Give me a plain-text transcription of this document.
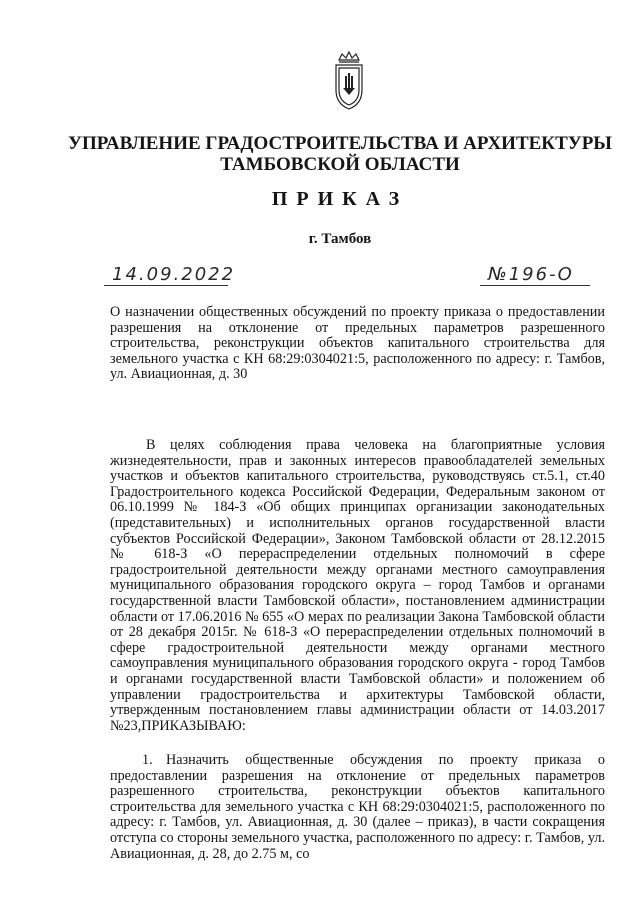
УПРАВЛЕНИЕ ГРАДОСТРОИТЕЛЬСТВА И АРХИТЕКТУРЫ
ТАМБОВСКОЙ ОБЛАСТИ
ПРИКАЗ
г. Тамбов
14.09.2022	№196-О
О назначении общественных обсуждений по проекту приказа о предоставлении разрешения на отклонение от предельных параметров разрешенного строительства, реконструкции объектов капитального строительства для земельного участка с КН 68:29:0304021:5, расположенного по адресу: г. Тамбов, ул. Авиационная, д. 30
В целях соблюдения права человека на благоприятные условия жизнедеятельности, прав и законных интересов правообладателей земельных участков и объектов капитального строительства, руководствуясь ст.5.1, ст.40 Градостроительного кодекса Российской Федерации, Федеральным законом от 06.10.1999 № 184-З «Об общих принципах организации законодательных (представительных) и исполнительных органов государственной власти субъектов Российской Федерации», Законом Тамбовской области от 28.12.2015 № 618-З «О перераспределении отдельных полномочий в сфере градостроительной деятельности между органами местного самоуправления муниципального образования городского округа – город Тамбов и органами государственной власти Тамбовской области», постановлением администрации области от 17.06.2016 № 655 «О мерах по реализации Закона Тамбовской области от 28 декабря 2015г. № 618-З «О перераспределении отдельных полномочий в сфере градостроительной деятельности между органами местного самоуправления муниципального образования городского округа - город Тамбов и органами государственной власти Тамбовской области» и положением об управлении градостроительства и архитектуры Тамбовской области, утвержденным постановлением главы администрации области от 14.03.2017 №23,ПРИКАЗЫВАЮ:
1. Назначить общественные обсуждения по проекту приказа о предоставлении разрешения на отклонение от предельных параметров разрешенного строительства, реконструкции объектов капитального строительства для земельного участка с КН 68:29:0304021:5, расположенного по адресу: г. Тамбов, ул. Авиационная, д. 30 (далее – приказ), в части сокращения отступа со стороны земельного участка, расположенного по адресу: г. Тамбов, ул. Авиационная, д. 28, до 2.75 м, со
